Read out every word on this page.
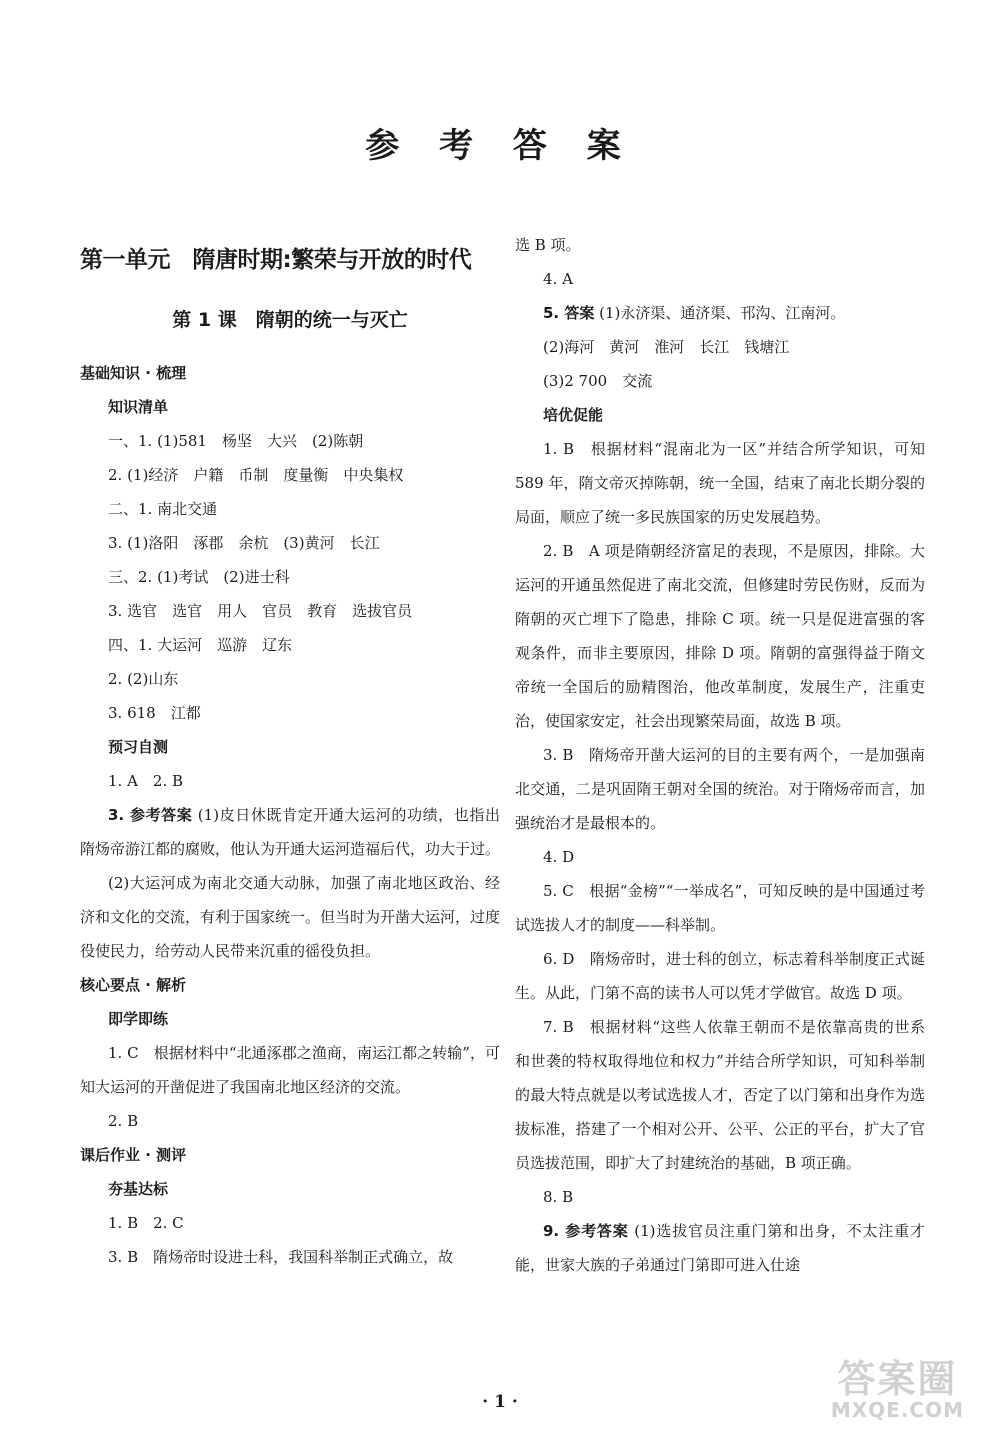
参 考 答 案
第一单元　隋唐时期:繁荣与开放的时代
第 1 课　隋朝的统一与灭亡
基础知识 · 梳理
知识清单
一、1. (1)581　杨坚　大兴　(2)陈朝
2. (1)经济　户籍　币制　度量衡　中央集权
二、1. 南北交通
3. (1)洛阳　涿郡　余杭　(3)黄河　长江
三、2. (1)考试　(2)进士科
3. 选官　选官　用人　官员　教育　选拔官员
四、1. 大运河　巡游　辽东
2. (2)山东
3. 618　江都
预习自测
1. A　2. B

3. 参考答案 (1)皮日休既肯定开通大运河的功绩，也指出隋炀帝游江都的腐败，他认为开通大运河造福后代，功大于过。

(2)大运河成为南北交通大动脉，加强了南北地区政治、经济和文化的交流，有利于国家统一。但当时为开凿大运河，过度役使民力，给劳动人民带来沉重的徭役负担。

核心要点 · 解析
即学即练

1. C　根据材料中“北通涿郡之渔商，南运江都之转输”，可知大运河的开凿促进了我国南北地区经济的交流。

2. B
课后作业 · 测评
夯基达标
1. B　2. C

3. B　隋炀帝时设进士科，我国科举制正式确立，故

选 B 项。

4. A
5. 答案 (1)永济渠、通济渠、邗沟、江南河。
(2)海河　黄河　淮河　长江　钱塘江
(3)2 700　交流
培优促能

1. B　根据材料“混南北为一区”并结合所学知识，可知 589 年，隋文帝灭掉陈朝，统一全国，结束了南北长期分裂的局面，顺应了统一多民族国家的历史发展趋势。

2. B　A 项是隋朝经济富足的表现，不是原因，排除。大运河的开通虽然促进了南北交流，但修建时劳民伤财，反而为隋朝的灭亡埋下了隐患，排除 C 项。统一只是促进富强的客观条件，而非主要原因，排除 D 项。隋朝的富强得益于隋文帝统一全国后的励精图治，他改革制度，发展生产，注重吏治，使国家安定，社会出现繁荣局面，故选 B 项。

3. B　隋炀帝开凿大运河的目的主要有两个，一是加强南北交通，二是巩固隋王朝对全国的统治。对于隋炀帝而言，加强统治才是最根本的。

4. D

5. C　根据“金榜”“一举成名”，可知反映的是中国通过考试选拔人才的制度——科举制。

6. D　隋炀帝时，进士科的创立，标志着科举制度正式诞生。从此，门第不高的读书人可以凭才学做官。故选 D 项。

7. B　根据材料“这些人依靠王朝而不是依靠高贵的世系和世袭的特权取得地位和权力”并结合所学知识，可知科举制的最大特点就是以考试选拔人才，否定了以门第和出身作为选拔标准，搭建了一个相对公开、公平、公正的平台，扩大了官员选拔范围，即扩大了封建统治的基础，B 项正确。

8. B

9. 参考答案 (1)选拔官员注重门第和出身，不太注重才能，世家大族的子弟通过门第即可进入仕途

· 1 ·
答案圈
MXQE.COM
